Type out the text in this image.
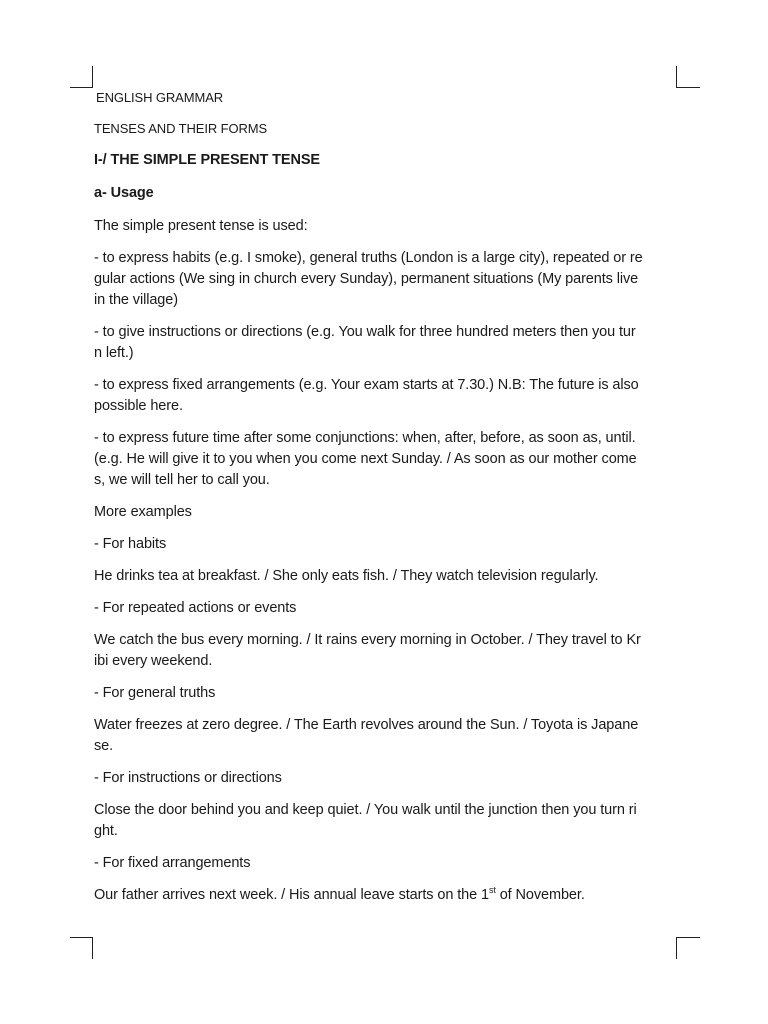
ENGLISH GRAMMAR

TENSES AND THEIR FORMS

I-/ THE SIMPLE PRESENT TENSE

a- Usage

The simple present tense is used:

- to express habits (e.g. I smoke), general truths (London is a large city), repeated or re

gular actions (We sing in church every Sunday), permanent situations (My parents live

in the village)

- to give instructions or directions (e.g. You walk for three hundred meters then you tur

n left.)

- to express fixed arrangements (e.g. Your exam starts at 7.30.) N.B: The future is also

possible here.

- to express future time after some conjunctions: when, after, before, as soon as, until.

(e.g. He will give it to you when you come next Sunday. / As soon as our mother come

s, we will tell her to call you.

More examples

- For habits

He drinks tea at breakfast. / She only eats fish. / They watch television regularly.

- For repeated actions or events

We catch the bus every morning. / It rains every morning in October. / They travel to Kr

ibi every weekend.

- For general truths

Water freezes at zero degree. / The Earth revolves around the Sun. / Toyota is Japane

se.

- For instructions or directions

Close the door behind you and keep quiet. / You walk until the junction then you turn ri

ght.

- For fixed arrangements

Our father arrives next week. / His annual leave starts on the 1st of November.
